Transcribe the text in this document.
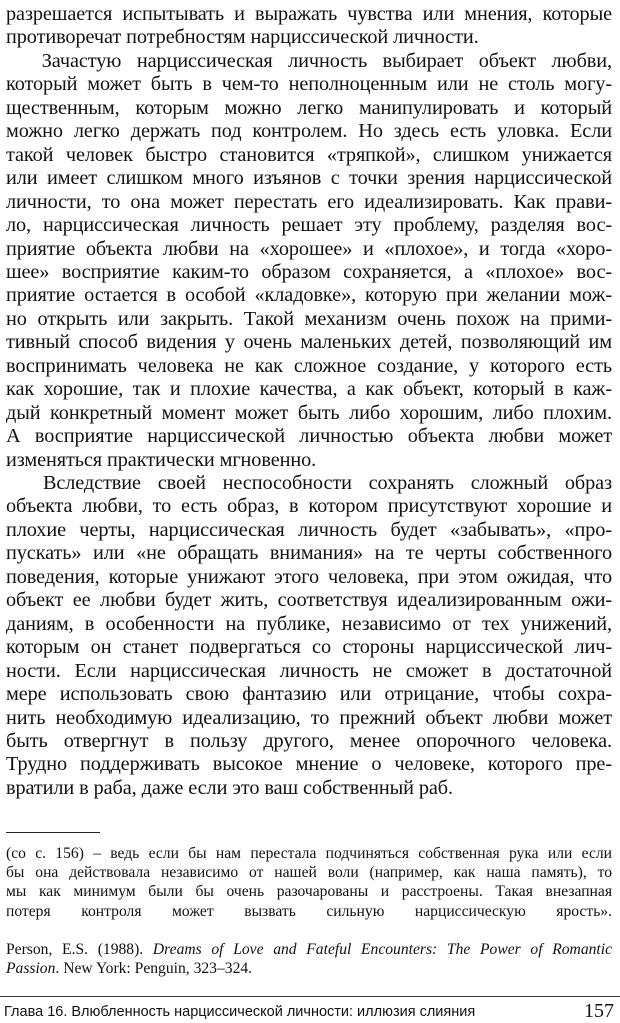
разрешается испытывать и выражать чувства или мнения, которые
противоречат потребностям нарциссической личности.
  Зачастую нарциссическая личность выбирает объект любви,
который может быть в чем-то неполноценным или не столь могу-
щественным, которым можно легко манипулировать и который
можно легко держать под контролем. Но здесь есть уловка. Если
такой человек быстро становится «тряпкой», слишком унижается
или имеет слишком много изъянов с точки зрения нарциссической
личности, то она может перестать его идеализировать. Как прави-
ло, нарциссическая личность решает эту проблему, разделяя вос-
приятие объекта любви на «хорошее» и «плохое», и тогда «хоро-
шее» восприятие каким-то образом сохраняется, а «плохое» вос-
приятие остается в особой «кладовке», которую при желании мож-
но открыть или закрыть. Такой механизм очень похож на прими-
тивный способ видения у очень маленьких детей, позволяющий им
воспринимать человека не как сложное создание, у которого есть
как хорошие, так и плохие качества, а как объект, который в каж-
дый конкретный момент может быть либо хорошим, либо плохим.
А восприятие нарциссической личностью объекта любви может
изменяться практически мгновенно.
  Вследствие своей неспособности сохранять сложный образ
объекта любви, то есть образ, в котором присутствуют хорошие и
плохие черты, нарциссическая личность будет «забывать», «про-
пускать» или «не обращать внимания» на те черты собственного
поведения, которые унижают этого человека, при этом ожидая, что
объект ее любви будет жить, соответствуя идеализированным ожи-
даниям, в особенности на публике, независимо от тех унижений,
которым он станет подвергаться со стороны нарциссической лич-
ности. Если нарциссическая личность не сможет в достаточной
мере использовать свою фантазию или отрицание, чтобы сохра-
нить необходимую идеализацию, то прежний объект любви может
быть отвергнут в пользу другого, менее опорочного человека.
Трудно поддерживать высокое мнение о человеке, которого пре-
вратили в раба, даже если это ваш собственный раб.
(со с. 156) – ведь если бы нам перестала подчиняться собственная рука или если
бы она действовала независимо от нашей воли (например, как наша память), то
мы как минимум были бы очень разочарованы и расстроены. Такая внезапная
потеря контроля может вызвать сильную нарциссическую ярость».
Person, E.S. (1988). Dreams of Love and Fateful Encounters: The Power of Romantic
Passion. New York: Penguin, 323–324.
Глава 16. Влюбленность нарциссической личности: иллюзия слияния	157
